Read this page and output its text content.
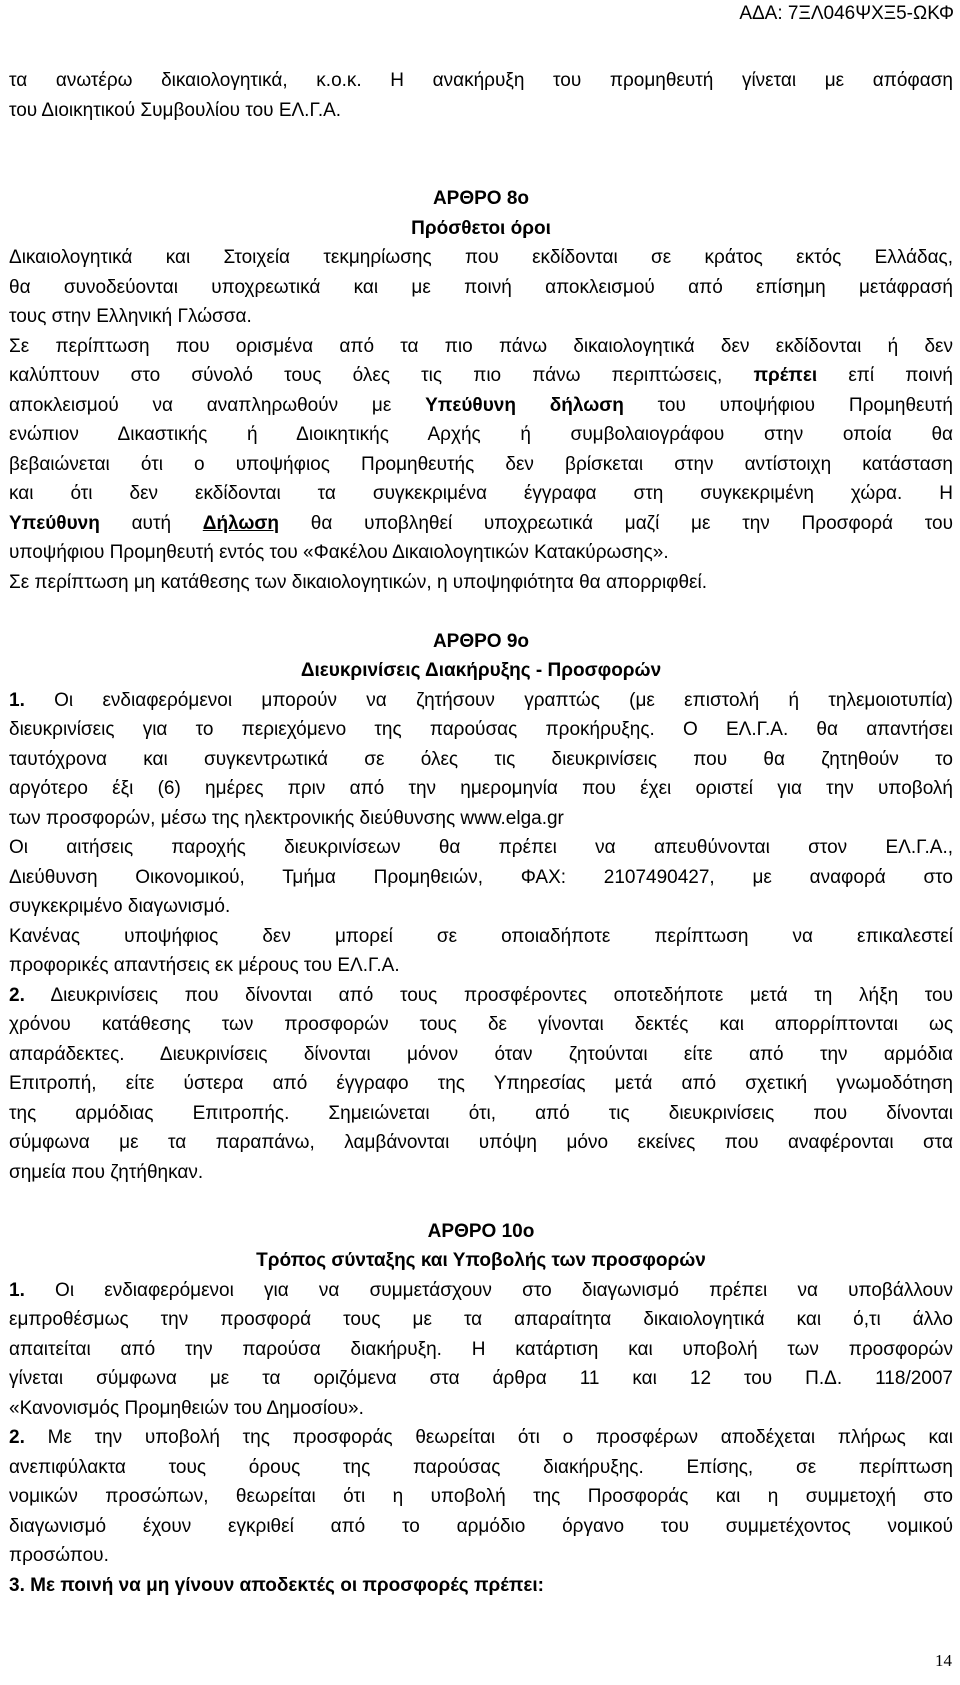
ΑΔΑ: 7ΞΛ046ΨΧΞ5-ΩΚΦ
τα ανωτέρω δικαιολογητικά, κ.ο.κ. Η ανακήρυξη του προμηθευτή γίνεται με απόφαση
του Διοικητικού Συμβουλίου του ΕΛ.Γ.Α.
ΑΡΘΡΟ 8ο
Πρόσθετοι όροι
Δικαιολογητικά και Στοιχεία τεκμηρίωσης που εκδίδονται σε κράτος εκτός Ελλάδας,
θα συνοδεύονται υποχρεωτικά και με ποινή αποκλεισμού από επίσημη μετάφρασή
τους στην Ελληνική Γλώσσα.
Σε περίπτωση που ορισμένα από τα πιο πάνω δικαιολογητικά δεν εκδίδονται ή δεν
καλύπτουν στο σύνολό τους όλες τις πιο πάνω περιπτώσεις, πρέπει επί ποινή
αποκλεισμού να αναπληρωθούν με Υπεύθυνη δήλωση του υποψήφιου Προμηθευτή
ενώπιον Δικαστικής ή Διοικητικής Αρχής ή συμβολαιογράφου στην οποία θα
βεβαιώνεται ότι ο υποψήφιος Προμηθευτής δεν βρίσκεται στην αντίστοιχη κατάσταση
και ότι δεν εκδίδονται τα συγκεκριμένα έγγραφα στη συγκεκριμένη χώρα. Η
Υπεύθυνη αυτή Δήλωση θα υποβληθεί υποχρεωτικά μαζί με την Προσφορά του
υποψήφιου Προμηθευτή εντός του «Φακέλου Δικαιολογητικών Κατακύρωσης».
Σε περίπτωση μη κατάθεσης των δικαιολογητικών, η υποψηφιότητα θα απορριφθεί.
ΑΡΘΡΟ 9ο
Διευκρινίσεις Διακήρυξης - Προσφορών
1. Οι ενδιαφερόμενοι μπορούν να ζητήσουν γραπτώς (με επιστολή ή τηλεμοιοτυπία)
διευκρινίσεις για το περιεχόμενο της παρούσας προκήρυξης. Ο ΕΛ.Γ.Α. θα απαντήσει
ταυτόχρονα και συγκεντρωτικά σε όλες τις διευκρινίσεις που θα ζητηθούν το
αργότερο έξι (6) ημέρες πριν από την ημερομηνία που έχει οριστεί για την υποβολή
των προσφορών, μέσω της ηλεκτρονικής διεύθυνσης www.elga.gr
Οι αιτήσεις παροχής διευκρινίσεων θα πρέπει να απευθύνονται στον ΕΛ.Γ.Α.,
Διεύθυνση Οικονομικού, Τμήμα Προμηθειών, ΦΑΧ: 2107490427, με αναφορά στο
συγκεκριμένο διαγωνισμό.
Κανένας υποψήφιος δεν μπορεί σε οποιαδήποτε περίπτωση να επικαλεστεί
προφορικές απαντήσεις εκ μέρους του ΕΛ.Γ.Α.
2. Διευκρινίσεις που δίνονται από τους προσφέροντες οποτεδήποτε μετά τη λήξη του
χρόνου κατάθεσης των προσφορών τους δε γίνονται δεκτές και απορρίπτονται ως
απαράδεκτες. Διευκρινίσεις δίνονται μόνον όταν ζητούνται είτε από την αρμόδια
Επιτροπή, είτε ύστερα από έγγραφο της Υπηρεσίας μετά από σχετική γνωμοδότηση
της αρμόδιας Επιτροπής. Σημειώνεται ότι, από τις διευκρινίσεις που δίνονται
σύμφωνα με τα παραπάνω, λαμβάνονται υπόψη μόνο εκείνες που αναφέρονται στα
σημεία που ζητήθηκαν.
ΑΡΘΡΟ 10ο
Τρόπος σύνταξης και Υποβολής των προσφορών
1. Οι ενδιαφερόμενοι για να συμμετάσχουν στο διαγωνισμό πρέπει να υποβάλλουν
εμπροθέσμως την προσφορά τους με τα απαραίτητα δικαιολογητικά και ό,τι άλλο
απαιτείται από την παρούσα διακήρυξη. Η κατάρτιση και υποβολή των προσφορών
γίνεται σύμφωνα με τα οριζόμενα στα άρθρα 11 και 12 του Π.Δ. 118/2007
«Κανονισμός Προμηθειών του Δημοσίου».
2. Με την υποβολή της προσφοράς θεωρείται ότι ο προσφέρων αποδέχεται πλήρως και
ανεπιφύλακτα τους όρους της παρούσας διακήρυξης. Επίσης, σε περίπτωση
νομικών προσώπων, θεωρείται ότι η υποβολή της Προσφοράς και η συμμετοχή στο
διαγωνισμό έχουν εγκριθεί από το αρμόδιο όργανο του συμμετέχοντος νομικού
προσώπου.
3. Με ποινή να μη γίνουν αποδεκτές οι προσφορές πρέπει:
14
